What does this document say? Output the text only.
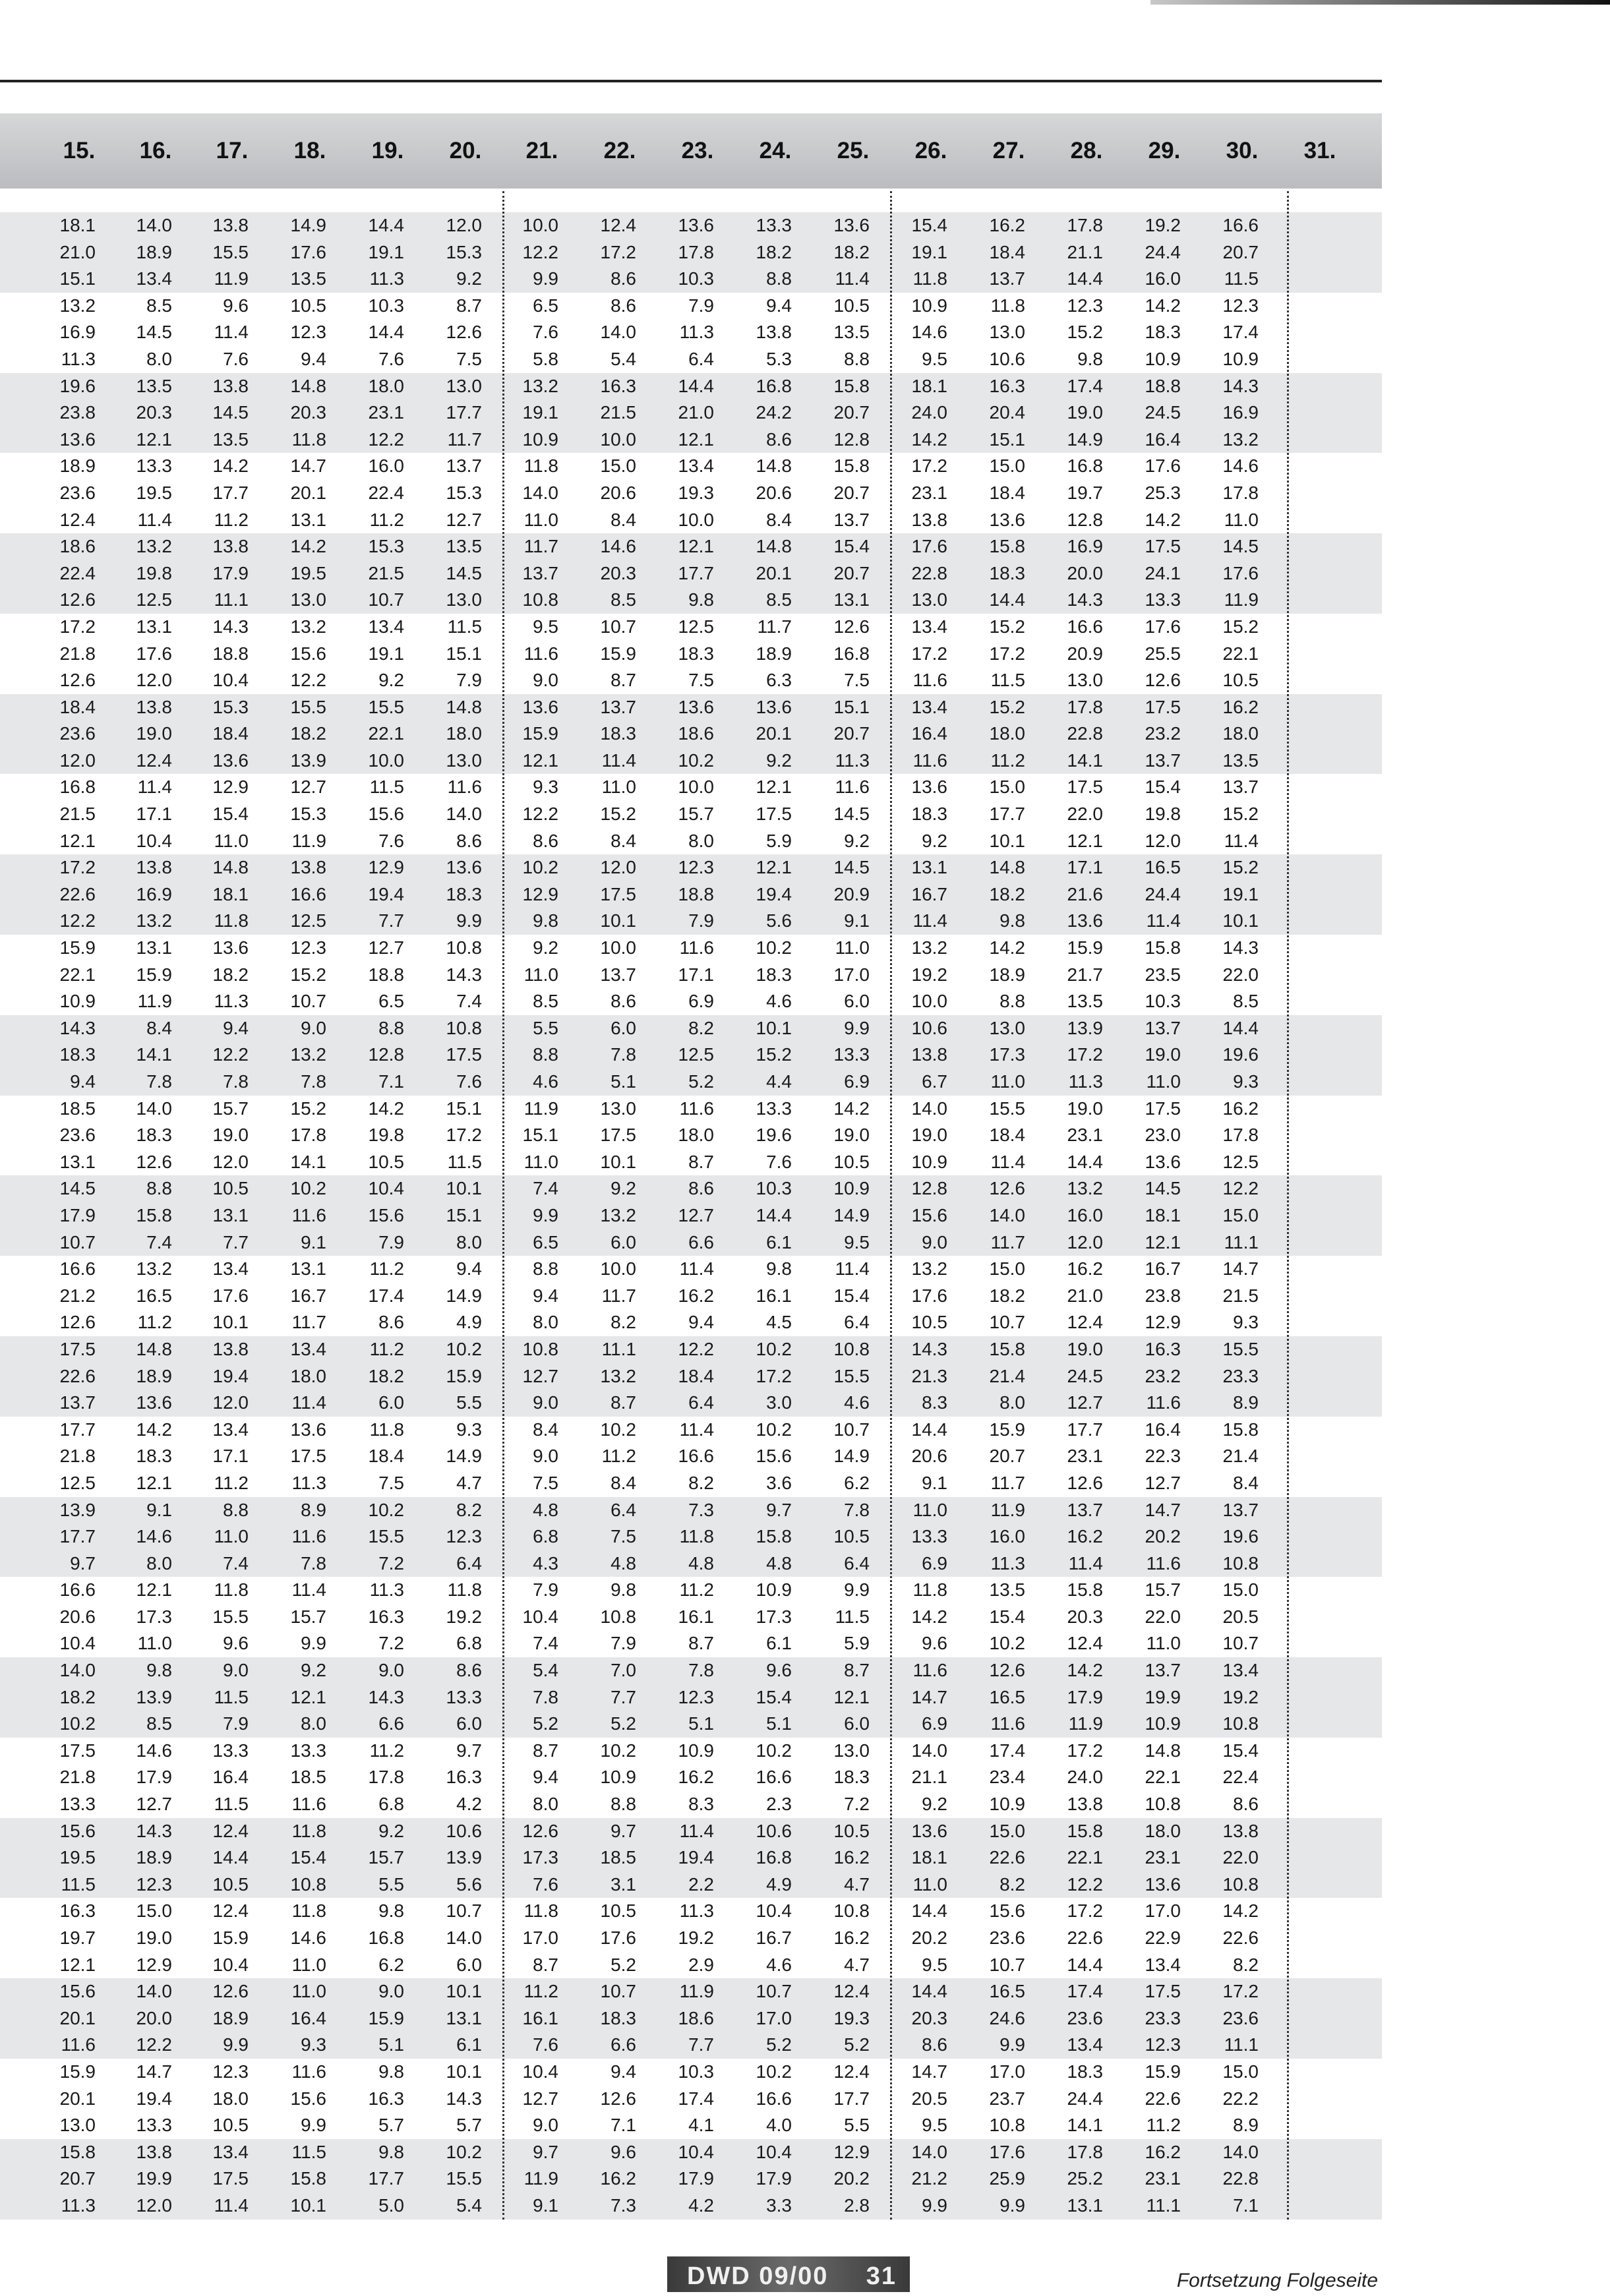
15.	16.	17.	18.	19.	20.	21.	22.	23.	24.	25.	26.	27.	28.	29.	30.	31.
18.1	14.0	13.8	14.9	14.4	12.0	10.0	12.4	13.6	13.3	13.6	15.4	16.2	17.8	19.2	16.6
21.0	18.9	15.5	17.6	19.1	15.3	12.2	17.2	17.8	18.2	18.2	19.1	18.4	21.1	24.4	20.7
15.1	13.4	11.9	13.5	11.3	9.2	9.9	8.6	10.3	8.8	11.4	11.8	13.7	14.4	16.0	11.5
13.2	8.5	9.6	10.5	10.3	8.7	6.5	8.6	7.9	9.4	10.5	10.9	11.8	12.3	14.2	12.3
16.9	14.5	11.4	12.3	14.4	12.6	7.6	14.0	11.3	13.8	13.5	14.6	13.0	15.2	18.3	17.4
11.3	8.0	7.6	9.4	7.6	7.5	5.8	5.4	6.4	5.3	8.8	9.5	10.6	9.8	10.9	10.9
19.6	13.5	13.8	14.8	18.0	13.0	13.2	16.3	14.4	16.8	15.8	18.1	16.3	17.4	18.8	14.3
23.8	20.3	14.5	20.3	23.1	17.7	19.1	21.5	21.0	24.2	20.7	24.0	20.4	19.0	24.5	16.9
13.6	12.1	13.5	11.8	12.2	11.7	10.9	10.0	12.1	8.6	12.8	14.2	15.1	14.9	16.4	13.2
18.9	13.3	14.2	14.7	16.0	13.7	11.8	15.0	13.4	14.8	15.8	17.2	15.0	16.8	17.6	14.6
23.6	19.5	17.7	20.1	22.4	15.3	14.0	20.6	19.3	20.6	20.7	23.1	18.4	19.7	25.3	17.8
12.4	11.4	11.2	13.1	11.2	12.7	11.0	8.4	10.0	8.4	13.7	13.8	13.6	12.8	14.2	11.0
18.6	13.2	13.8	14.2	15.3	13.5	11.7	14.6	12.1	14.8	15.4	17.6	15.8	16.9	17.5	14.5
22.4	19.8	17.9	19.5	21.5	14.5	13.7	20.3	17.7	20.1	20.7	22.8	18.3	20.0	24.1	17.6
12.6	12.5	11.1	13.0	10.7	13.0	10.8	8.5	9.8	8.5	13.1	13.0	14.4	14.3	13.3	11.9
17.2	13.1	14.3	13.2	13.4	11.5	9.5	10.7	12.5	11.7	12.6	13.4	15.2	16.6	17.6	15.2
21.8	17.6	18.8	15.6	19.1	15.1	11.6	15.9	18.3	18.9	16.8	17.2	17.2	20.9	25.5	22.1
12.6	12.0	10.4	12.2	9.2	7.9	9.0	8.7	7.5	6.3	7.5	11.6	11.5	13.0	12.6	10.5
18.4	13.8	15.3	15.5	15.5	14.8	13.6	13.7	13.6	13.6	15.1	13.4	15.2	17.8	17.5	16.2
23.6	19.0	18.4	18.2	22.1	18.0	15.9	18.3	18.6	20.1	20.7	16.4	18.0	22.8	23.2	18.0
12.0	12.4	13.6	13.9	10.0	13.0	12.1	11.4	10.2	9.2	11.3	11.6	11.2	14.1	13.7	13.5
16.8	11.4	12.9	12.7	11.5	11.6	9.3	11.0	10.0	12.1	11.6	13.6	15.0	17.5	15.4	13.7
21.5	17.1	15.4	15.3	15.6	14.0	12.2	15.2	15.7	17.5	14.5	18.3	17.7	22.0	19.8	15.2
12.1	10.4	11.0	11.9	7.6	8.6	8.6	8.4	8.0	5.9	9.2	9.2	10.1	12.1	12.0	11.4
17.2	13.8	14.8	13.8	12.9	13.6	10.2	12.0	12.3	12.1	14.5	13.1	14.8	17.1	16.5	15.2
22.6	16.9	18.1	16.6	19.4	18.3	12.9	17.5	18.8	19.4	20.9	16.7	18.2	21.6	24.4	19.1
12.2	13.2	11.8	12.5	7.7	9.9	9.8	10.1	7.9	5.6	9.1	11.4	9.8	13.6	11.4	10.1
15.9	13.1	13.6	12.3	12.7	10.8	9.2	10.0	11.6	10.2	11.0	13.2	14.2	15.9	15.8	14.3
22.1	15.9	18.2	15.2	18.8	14.3	11.0	13.7	17.1	18.3	17.0	19.2	18.9	21.7	23.5	22.0
10.9	11.9	11.3	10.7	6.5	7.4	8.5	8.6	6.9	4.6	6.0	10.0	8.8	13.5	10.3	8.5
14.3	8.4	9.4	9.0	8.8	10.8	5.5	6.0	8.2	10.1	9.9	10.6	13.0	13.9	13.7	14.4
18.3	14.1	12.2	13.2	12.8	17.5	8.8	7.8	12.5	15.2	13.3	13.8	17.3	17.2	19.0	19.6
9.4	7.8	7.8	7.8	7.1	7.6	4.6	5.1	5.2	4.4	6.9	6.7	11.0	11.3	11.0	9.3
18.5	14.0	15.7	15.2	14.2	15.1	11.9	13.0	11.6	13.3	14.2	14.0	15.5	19.0	17.5	16.2
23.6	18.3	19.0	17.8	19.8	17.2	15.1	17.5	18.0	19.6	19.0	19.0	18.4	23.1	23.0	17.8
13.1	12.6	12.0	14.1	10.5	11.5	11.0	10.1	8.7	7.6	10.5	10.9	11.4	14.4	13.6	12.5
14.5	8.8	10.5	10.2	10.4	10.1	7.4	9.2	8.6	10.3	10.9	12.8	12.6	13.2	14.5	12.2
17.9	15.8	13.1	11.6	15.6	15.1	9.9	13.2	12.7	14.4	14.9	15.6	14.0	16.0	18.1	15.0
10.7	7.4	7.7	9.1	7.9	8.0	6.5	6.0	6.6	6.1	9.5	9.0	11.7	12.0	12.1	11.1
16.6	13.2	13.4	13.1	11.2	9.4	8.8	10.0	11.4	9.8	11.4	13.2	15.0	16.2	16.7	14.7
21.2	16.5	17.6	16.7	17.4	14.9	9.4	11.7	16.2	16.1	15.4	17.6	18.2	21.0	23.8	21.5
12.6	11.2	10.1	11.7	8.6	4.9	8.0	8.2	9.4	4.5	6.4	10.5	10.7	12.4	12.9	9.3
17.5	14.8	13.8	13.4	11.2	10.2	10.8	11.1	12.2	10.2	10.8	14.3	15.8	19.0	16.3	15.5
22.6	18.9	19.4	18.0	18.2	15.9	12.7	13.2	18.4	17.2	15.5	21.3	21.4	24.5	23.2	23.3
13.7	13.6	12.0	11.4	6.0	5.5	9.0	8.7	6.4	3.0	4.6	8.3	8.0	12.7	11.6	8.9
17.7	14.2	13.4	13.6	11.8	9.3	8.4	10.2	11.4	10.2	10.7	14.4	15.9	17.7	16.4	15.8
21.8	18.3	17.1	17.5	18.4	14.9	9.0	11.2	16.6	15.6	14.9	20.6	20.7	23.1	22.3	21.4
12.5	12.1	11.2	11.3	7.5	4.7	7.5	8.4	8.2	3.6	6.2	9.1	11.7	12.6	12.7	8.4
13.9	9.1	8.8	8.9	10.2	8.2	4.8	6.4	7.3	9.7	7.8	11.0	11.9	13.7	14.7	13.7
17.7	14.6	11.0	11.6	15.5	12.3	6.8	7.5	11.8	15.8	10.5	13.3	16.0	16.2	20.2	19.6
9.7	8.0	7.4	7.8	7.2	6.4	4.3	4.8	4.8	4.8	6.4	6.9	11.3	11.4	11.6	10.8
16.6	12.1	11.8	11.4	11.3	11.8	7.9	9.8	11.2	10.9	9.9	11.8	13.5	15.8	15.7	15.0
20.6	17.3	15.5	15.7	16.3	19.2	10.4	10.8	16.1	17.3	11.5	14.2	15.4	20.3	22.0	20.5
10.4	11.0	9.6	9.9	7.2	6.8	7.4	7.9	8.7	6.1	5.9	9.6	10.2	12.4	11.0	10.7
14.0	9.8	9.0	9.2	9.0	8.6	5.4	7.0	7.8	9.6	8.7	11.6	12.6	14.2	13.7	13.4
18.2	13.9	11.5	12.1	14.3	13.3	7.8	7.7	12.3	15.4	12.1	14.7	16.5	17.9	19.9	19.2
10.2	8.5	7.9	8.0	6.6	6.0	5.2	5.2	5.1	5.1	6.0	6.9	11.6	11.9	10.9	10.8
17.5	14.6	13.3	13.3	11.2	9.7	8.7	10.2	10.9	10.2	13.0	14.0	17.4	17.2	14.8	15.4
21.8	17.9	16.4	18.5	17.8	16.3	9.4	10.9	16.2	16.6	18.3	21.1	23.4	24.0	22.1	22.4
13.3	12.7	11.5	11.6	6.8	4.2	8.0	8.8	8.3	2.3	7.2	9.2	10.9	13.8	10.8	8.6
15.6	14.3	12.4	11.8	9.2	10.6	12.6	9.7	11.4	10.6	10.5	13.6	15.0	15.8	18.0	13.8
19.5	18.9	14.4	15.4	15.7	13.9	17.3	18.5	19.4	16.8	16.2	18.1	22.6	22.1	23.1	22.0
11.5	12.3	10.5	10.8	5.5	5.6	7.6	3.1	2.2	4.9	4.7	11.0	8.2	12.2	13.6	10.8
16.3	15.0	12.4	11.8	9.8	10.7	11.8	10.5	11.3	10.4	10.8	14.4	15.6	17.2	17.0	14.2
19.7	19.0	15.9	14.6	16.8	14.0	17.0	17.6	19.2	16.7	16.2	20.2	23.6	22.6	22.9	22.6
12.1	12.9	10.4	11.0	6.2	6.0	8.7	5.2	2.9	4.6	4.7	9.5	10.7	14.4	13.4	8.2
15.6	14.0	12.6	11.0	9.0	10.1	11.2	10.7	11.9	10.7	12.4	14.4	16.5	17.4	17.5	17.2
20.1	20.0	18.9	16.4	15.9	13.1	16.1	18.3	18.6	17.0	19.3	20.3	24.6	23.6	23.3	23.6
11.6	12.2	9.9	9.3	5.1	6.1	7.6	6.6	7.7	5.2	5.2	8.6	9.9	13.4	12.3	11.1
15.9	14.7	12.3	11.6	9.8	10.1	10.4	9.4	10.3	10.2	12.4	14.7	17.0	18.3	15.9	15.0
20.1	19.4	18.0	15.6	16.3	14.3	12.7	12.6	17.4	16.6	17.7	20.5	23.7	24.4	22.6	22.2
13.0	13.3	10.5	9.9	5.7	5.7	9.0	7.1	4.1	4.0	5.5	9.5	10.8	14.1	11.2	8.9
15.8	13.8	13.4	11.5	9.8	10.2	9.7	9.6	10.4	10.4	12.9	14.0	17.6	17.8	16.2	14.0
20.7	19.9	17.5	15.8	17.7	15.5	11.9	16.2	17.9	17.9	20.2	21.2	25.9	25.2	23.1	22.8
11.3	12.0	11.4	10.1	5.0	5.4	9.1	7.3	4.2	3.3	2.8	9.9	9.9	13.1	11.1	7.1
Fortsetzung Folgeseite
DWD 09/00 31
